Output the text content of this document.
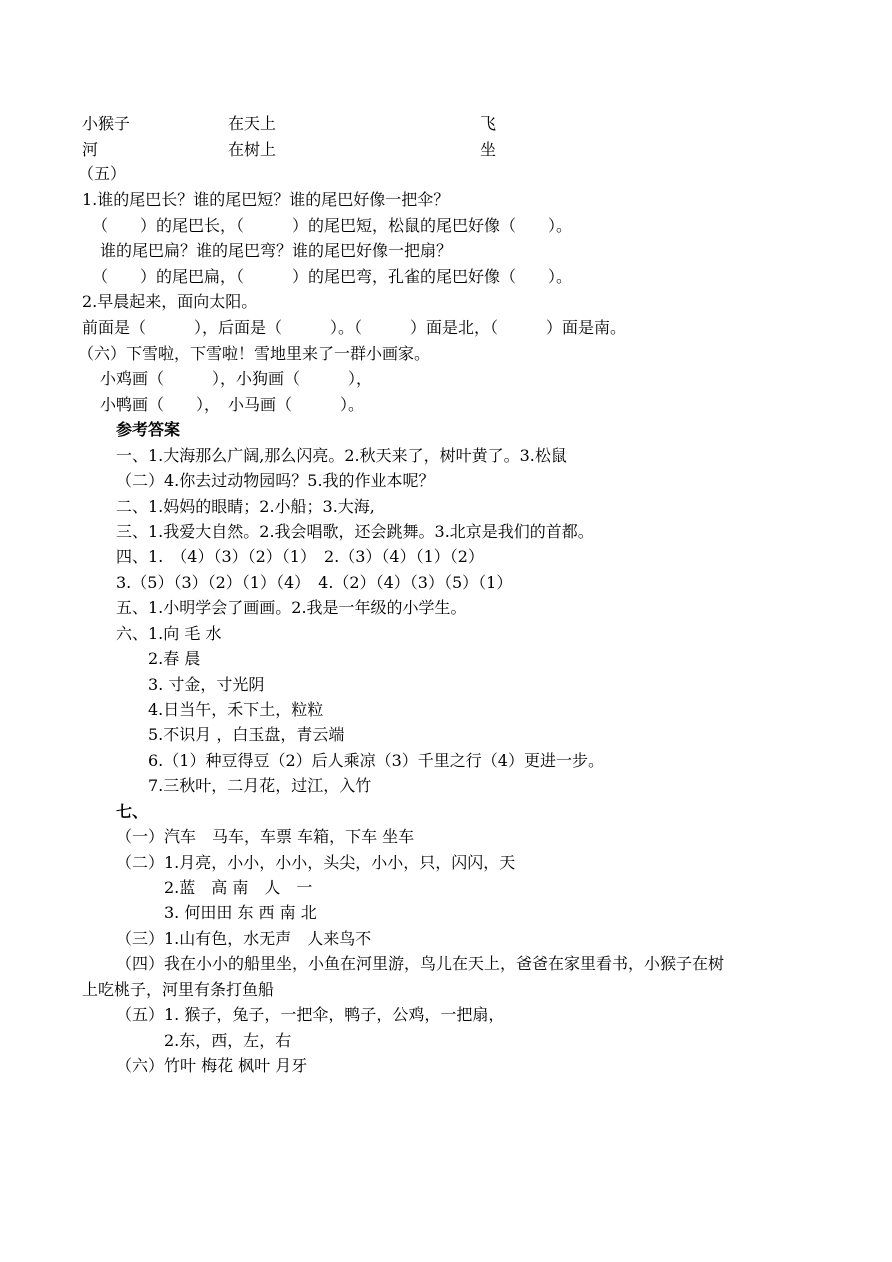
小猴子	在天上	飞
河	在树上	坐
（五）
1.谁的尾巴长？谁的尾巴短？谁的尾巴好像一把伞？
（　　）的尾巴长，（　　　）的尾巴短，松鼠的尾巴好像（　　）。
谁的尾巴扁？谁的尾巴弯？谁的尾巴好像一把扇？
（　　）的尾巴扁，（　　　）的尾巴弯，孔雀的尾巴好像（　　）。
2.早晨起来，面向太阳。
前面是（　　　），后面是（　　　）。（　　　）面是北，（　　　）面是南。
（六）下雪啦，下雪啦！雪地里来了一群小画家。
小鸡画（　　　），小狗画（　　　），
小鸭画（　　），　小马画（　　　）。
参考答案
一、1.大海那么广阔,那么闪亮。2.秋天来了，树叶黄了。3.松鼠
（二）4.你去过动物园吗？5.我的作业本呢？
二、1.妈妈的眼睛；2.小船；3.大海,
三、1.我爱大自然。2.我会唱歌，还会跳舞。3.北京是我们的首都。
四、1.　（4）（3）（2）（1）　2.（3）（4）（1）（2）
3.（5）（3）（2）（1）（4）　4.（2）（4）（3）（5）（1）
五、1.小明学会了画画。2.我是一年级的小学生。
六、1.向 毛 水
2.春 晨
3. 寸金，寸光阴
4.日当午，禾下土，粒粒
5.不识月 ，白玉盘，青云端
6.（1）种豆得豆（2）后人乘凉（3）千里之行（4）更进一步。
7.三秋叶，二月花，过江，入竹
七、
（一）汽车　马车，车票 车箱，下车 坐车
（二）1.月亮，小小，小小，头尖，小小，只，闪闪，天
2.蓝　高 南　人　一
3. 何田田 东 西 南 北
（三）1.山有色，水无声　人来鸟不
（四）我在小小的船里坐，小鱼在河里游，鸟儿在天上，爸爸在家里看书，小猴子在树
上吃桃子，河里有条打鱼船
（五）1. 猴子，兔子，一把伞，鸭子，公鸡，一把扇，
2.东，西，左，右
（六）竹叶 梅花 枫叶 月牙
